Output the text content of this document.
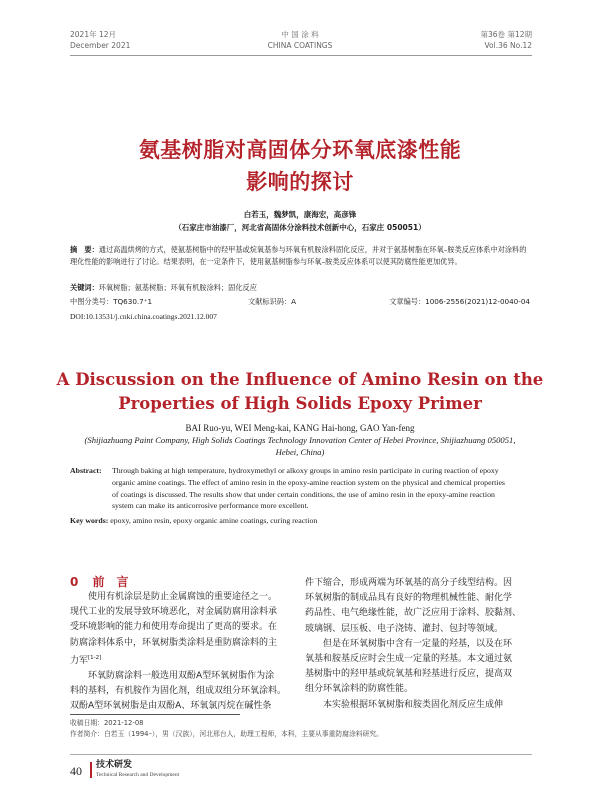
2021年 12月
December 2021
中 国 涂 料
CHINA COATINGS
第36卷 第12期
Vol.36 No.12
氨基树脂对高固体分环氧底漆性能
影响的探讨
白若玉，魏梦凯，康海宏，高彦锋
（石家庄市油漆厂，河北省高固体分涂料技术创新中心，石家庄 050051）
摘　要：通过高温烘烤的方式，使氨基树脂中的羟甲基或烷氧基参与环氧有机胺涂料固化反应，并对于氨基树脂在环氧–胺类反应体系中对涂料的理化性能的影响进行了讨论。结果表明，在一定条件下，使用氨基树脂参与环氧–胺类反应体系可以使其防腐性能更加优异。
关键词：环氧树脂；氨基树脂；环氧有机胺涂料；固化反应
中图分类号：TQ630.7⁺1	文献标识码：A	文章编号：1006-2556(2021)12-0040-04
DOI:10.13531/j.cnki.china.coatings.2021.12.007
A Discussion on the Influence of Amino Resin on the
Properties of High Solids Epoxy Primer
BAI Ruo-yu, WEI Meng-kai, KANG Hai-hong, GAO Yan-feng
(Shijiazhuang Paint Company, High Solids Coatings Technology Innovation Center of Hebei Province, Shijiazhuang 050051,
Hebei, China)
Abstract: Through baking at high temperature, hydroxymethyl or alkoxy groups in amino resin participate in curing reaction of epoxy
organic amine coatings. The effect of amino resin in the epoxy-amine reaction system on the physical and chemical properties
of coatings is discussed. The results show that under certain conditions, the use of amino resin in the epoxy-amine reaction
system can make its anticorrosive performance more excellent.
Key words: epoxy, amino resin, epoxy organic amine coatings, curing reaction
0 前　言
　　使用有机涂层是防止金属腐蚀的重要途径之一。
现代工业的发展导致环境恶化，对金属防腐用涂料承
受环境影响的能力和使用寿命提出了更高的要求。在
防腐涂料体系中，环氧树脂类涂料是重防腐涂料的主
力军[1-2]
　　环氧防腐涂料一般选用双酚A型环氧树脂作为涂
料的基料，有机胺作为固化剂，组成双组分环氧涂料。
双酚A型环氧树脂是由双酚A、环氧氯丙烷在碱性条
件下缩合，形成两端为环氧基的高分子线型结构。因
环氧树脂的制成品具有良好的物理机械性能、耐化学
药品性、电气绝缘性能，故广泛应用于涂料、胶黏剂、
玻璃钢、层压板、电子浇铸、灌封、包封等领域。
　　但是在环氧树脂中含有一定量的羟基，以及在环
氧基和胺基反应时会生成一定量的羟基。本文通过氨
基树脂中的羟甲基或烷氧基和羟基进行反应，提高双
组分环氧涂料的防腐性能。
　　本实验根据环氧树脂和胺类固化剂反应生成伸
收稿日期：2021-12-08
作者简介：白若玉（1994–），男（汉族），河北邢台人，助理工程师，本科，主要从事重防腐涂料研究。
40 技术研发
Technical Research and Development
